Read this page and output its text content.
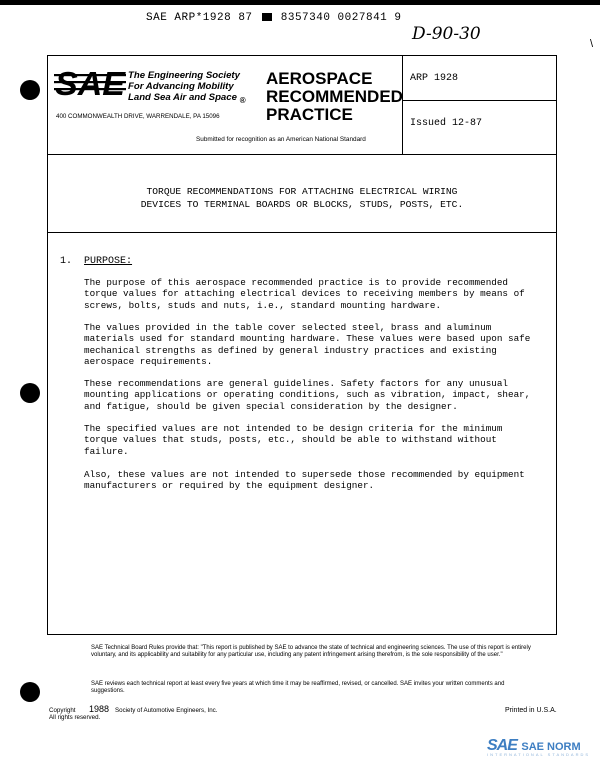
SAE ARP*1928 87	8357340 0027841 9
D-90-30	\
SAE The Engineering Society
For Advancing Mobility
Land Sea Air and Space $_®$
400 COMMONWEALTH DRIVE, WARRENDALE, PA 15096
AEROSPACE
RECOMMENDED
PRACTICE
Submitted for recognition as an American National Standard
ARP 1928
Issued 12-87
TORQUE RECOMMENDATIONS FOR ATTACHING ELECTRICAL WIRING
DEVICES TO TERMINAL BOARDS OR BLOCKS, STUDS, POSTS, ETC.
1. PURPOSE:
The purpose of this aerospace recommended practice is to provide recommended torque values for attaching electrical devices to receiving members by means of screws, bolts, studs and nuts, i.e., standard mounting hardware.
The values provided in the table cover selected steel, brass and aluminum materials used for standard mounting hardware. These values were based upon safe mechanical strengths as defined by general industry practices and existing aerospace requirements.
These recommendations are general guidelines. Safety factors for any unusual mounting applications or operating conditions, such as vibration, impact, shear, and fatigue, should be given special consideration by the designer.
The specified values are not intended to be design criteria for the minimum torque values that studs, posts, etc., should be able to withstand without failure.
Also, these values are not intended to supersede those recommended by equipment manufacturers or required by the equipment designer.
SAE Technical Board Rules provide that: "This report is published by SAE to advance the state of technical and engineering sciences. The use of this report is entirely voluntary, and its applicability and suitability for any particular use, including any patent infringement arising therefrom, is the sole responsibility of the user."
SAE reviews each technical report at least every five years at which time it may be reaffirmed, revised, or cancelled. SAE invites your written comments and suggestions.
Copyright
All rights reserved.
1988 Society of Automotive Engineers, Inc.	Printed in U.S.A.
SAE SAE NORM
INTERNATIONAL STANDARDS
